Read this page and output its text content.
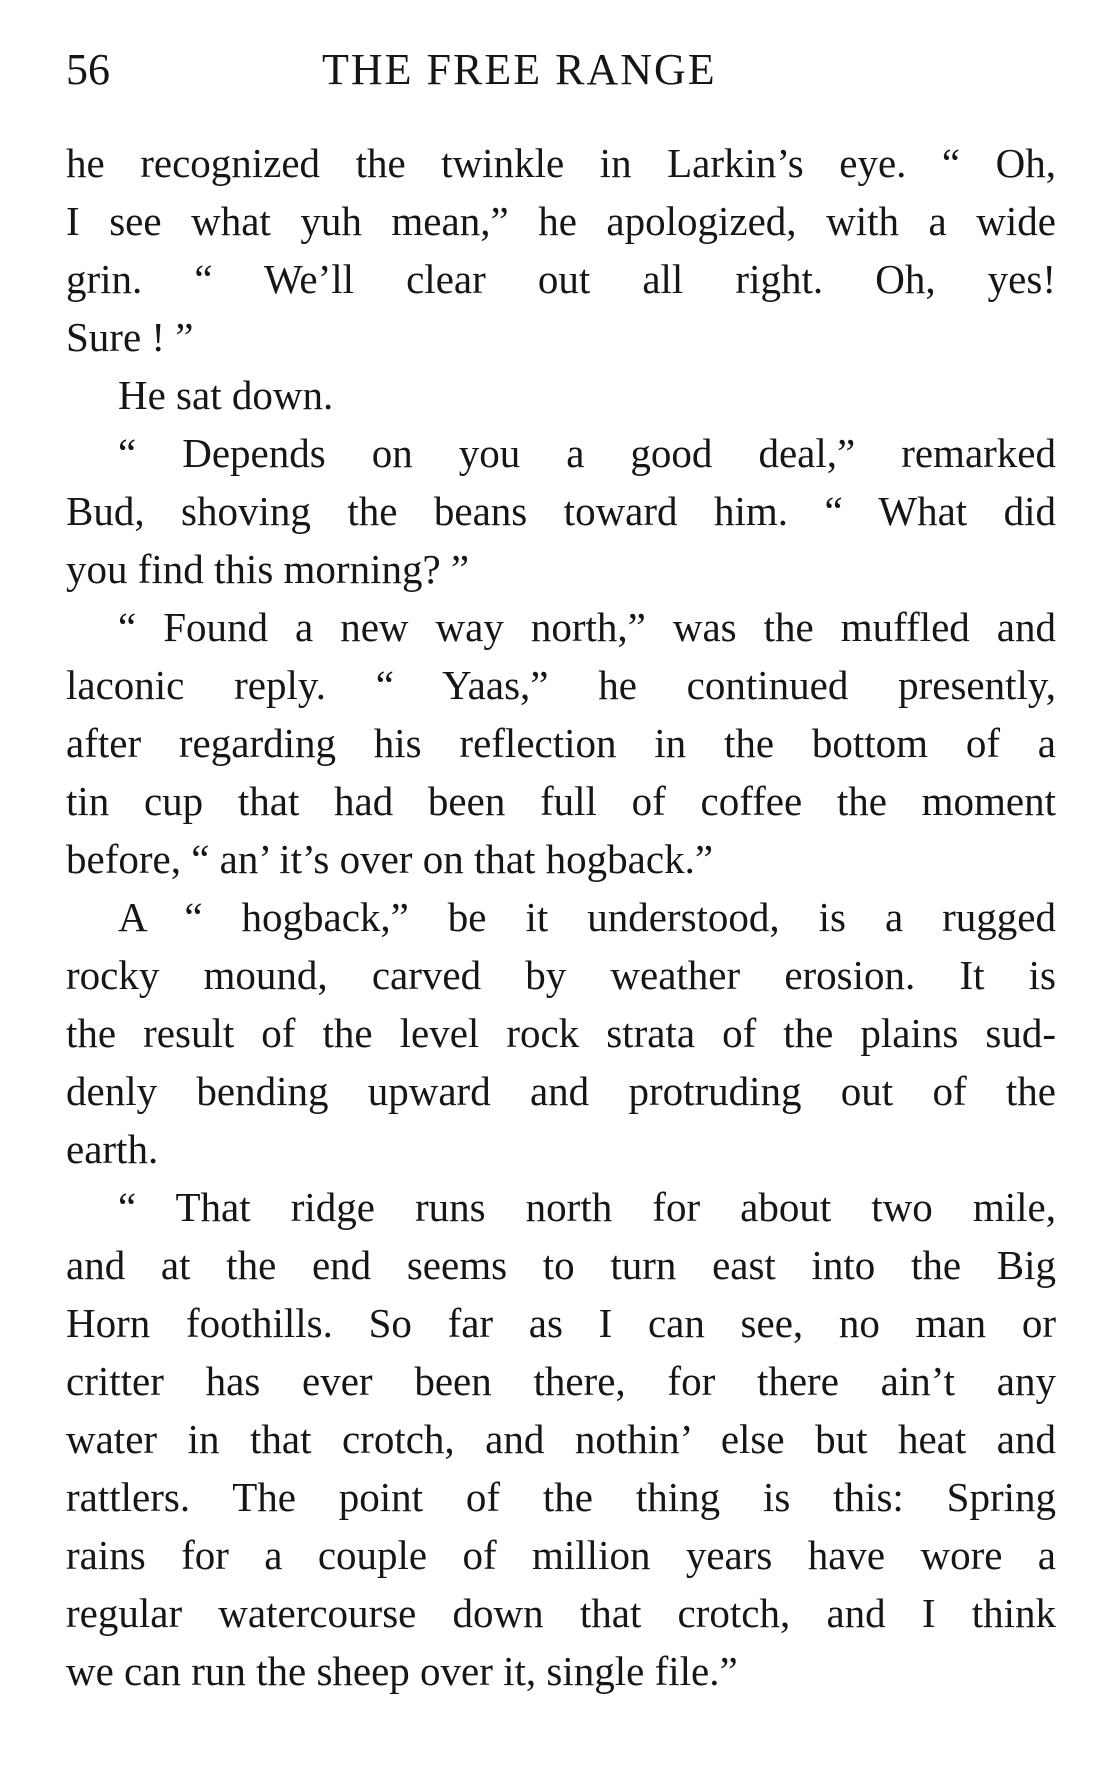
56	THE FREE RANGE
he recognized the twinkle in Larkin’s eye. “ Oh,
I see what yuh mean,” he apologized, with a wide
grin. “ We’ll clear out all right. Oh, yes!
Sure ! ”
He sat down.
“ Depends on you a good deal,” remarked
Bud, shoving the beans toward him. “ What did
you find this morning? ”
“ Found a new way north,” was the muffled and
laconic reply. “ Yaas,” he continued presently,
after regarding his reflection in the bottom of a
tin cup that had been full of coffee the moment
before, “ an’ it’s over on that hogback.”
A “ hogback,” be it understood, is a rugged
rocky mound, carved by weather erosion. It is
the result of the level rock strata of the plains sud-
denly bending upward and protruding out of the
earth.
“ That ridge runs north for about two mile,
and at the end seems to turn east into the Big
Horn foothills. So far as I can see, no man or
critter has ever been there, for there ain’t any
water in that crotch, and nothin’ else but heat and
rattlers. The point of the thing is this: Spring
rains for a couple of million years have wore a
regular watercourse down that crotch, and I think
we can run the sheep over it, single file.”
